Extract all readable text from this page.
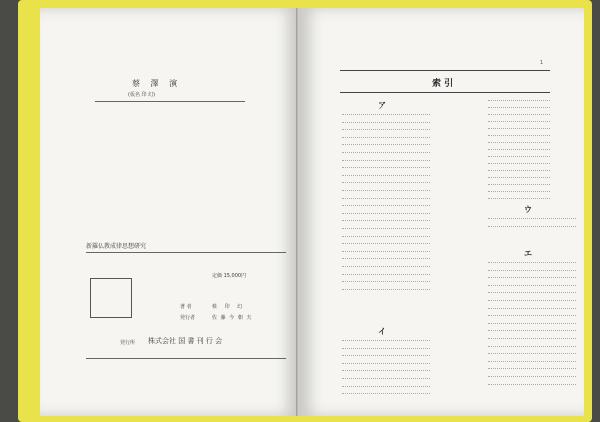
蔡 澤 演
(仮名 印 幻)
新羅仏教成律思想研究
定価 15,000円
著 者	蔡 印 幻
発行者	佐 藤 今 朝 夫
発行所 株式会社 国 書 刊 行 会
1
索 引
ア
イ
ウ
エ
